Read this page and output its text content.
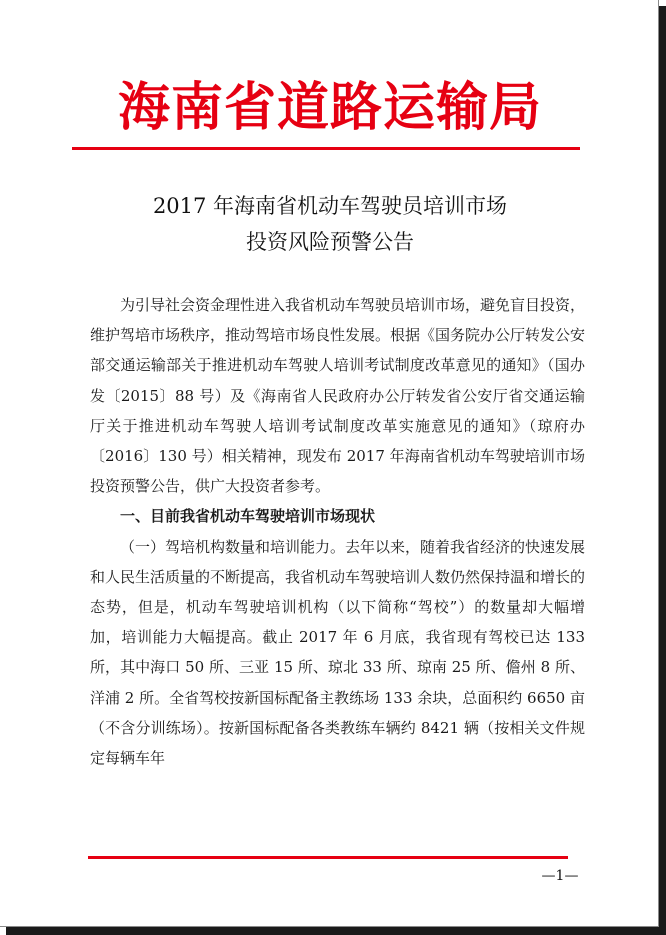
海南省道路运输局
2017 年海南省机动车驾驶员培训市场
投资风险预警公告

为引导社会资金理性进入我省机动车驾驶员培训市场，避免盲目投资，维护驾培市场秩序，推动驾培市场良性发展。根据《国务院办公厅转发公安部交通运输部关于推进机动车驾驶人培训考试制度改革意见的通知》（国办发〔2015〕88 号）及《海南省人民政府办公厅转发省公安厅省交通运输厅关于推进机动车驾驶人培训考试制度改革实施意见的通知》（琼府办〔2016〕130 号）相关精神，现发布 2017 年海南省机动车驾驶培训市场投资预警公告，供广大投资者参考。

一、目前我省机动车驾驶培训市场现状

（一）驾培机构数量和培训能力。去年以来，随着我省经济的快速发展和人民生活质量的不断提高，我省机动车驾驶培训人数仍然保持温和增长的态势，但是，机动车驾驶培训机构（以下简称“驾校”）的数量却大幅增加，培训能力大幅提高。截止 2017 年 6 月底，我省现有驾校已达 133 所，其中海口 50 所、三亚 15 所、琼北 33 所、琼南 25 所、儋州 8 所、洋浦 2 所。全省驾校按新国标配备主教练场 133 余块，总面积约 6650 亩（不含分训练场）。按新国标配备各类教练车辆约 8421 辆（按相关文件规定每辆车年

—1—
